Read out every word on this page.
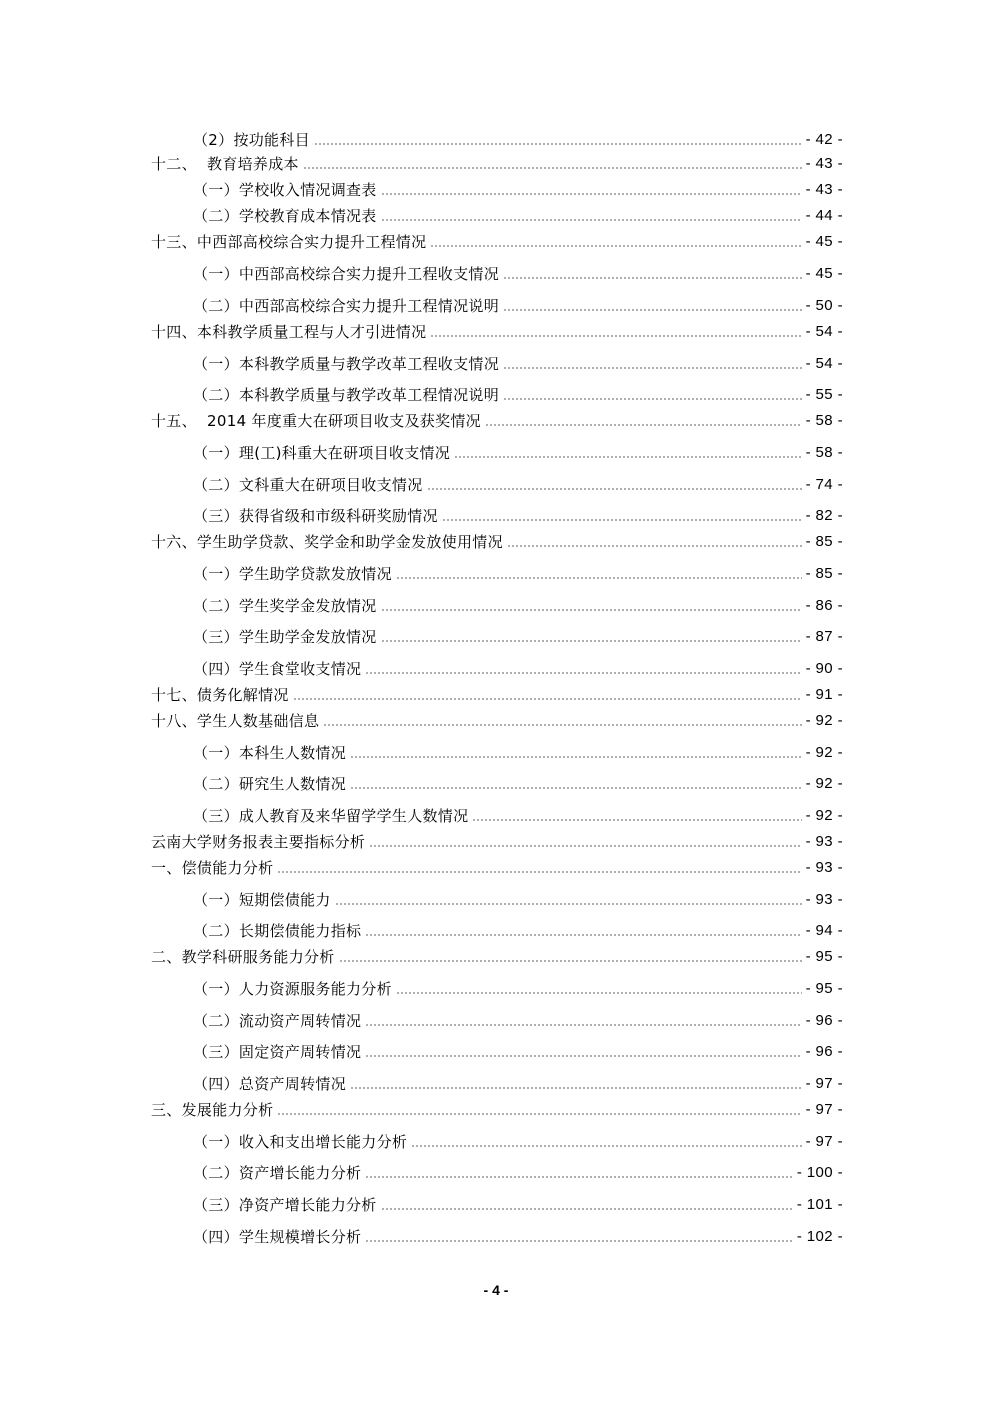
（2）按功能科目	- 42 -
十二、  教育培养成本	- 43 -
（一）学校收入情况调查表	- 43 -
（二）学校教育成本情况表	- 44 -
十三、中西部高校综合实力提升工程情况	- 45 -
（一）中西部高校综合实力提升工程收支情况	- 45 -
（二）中西部高校综合实力提升工程情况说明	- 50 -
十四、本科教学质量工程与人才引进情况	- 54 -
（一）本科教学质量与教学改革工程收支情况	- 54 -
（二）本科教学质量与教学改革工程情况说明	- 55 -
十五、  2014 年度重大在研项目收支及获奖情况	- 58 -
（一）理(工)科重大在研项目收支情况	- 58 -
（二）文科重大在研项目收支情况	- 74 -
（三）获得省级和市级科研奖励情况	- 82 -
十六、学生助学贷款、奖学金和助学金发放使用情况	- 85 -
（一）学生助学贷款发放情况	- 85 -
（二）学生奖学金发放情况	- 86 -
（三）学生助学金发放情况	- 87 -
（四）学生食堂收支情况	- 90 -
十七、债务化解情况	- 91 -
十八、学生人数基础信息	- 92 -
（一）本科生人数情况	- 92 -
（二）研究生人数情况	- 92 -
（三）成人教育及来华留学学生人数情况	- 92 -
云南大学财务报表主要指标分析	- 93 -
一、偿债能力分析	- 93 -
（一）短期偿债能力	- 93 -
（二）长期偿债能力指标	- 94 -
二、教学科研服务能力分析	- 95 -
（一）人力资源服务能力分析	- 95 -
（二）流动资产周转情况	- 96 -
（三）固定资产周转情况	- 96 -
（四）总资产周转情况	- 97 -
三、发展能力分析	- 97 -
（一）收入和支出增长能力分析	- 97 -
（二）资产增长能力分析	- 100 -
（三）净资产增长能力分析	- 101 -
（四）学生规模增长分析	- 102 -
- 4 -
